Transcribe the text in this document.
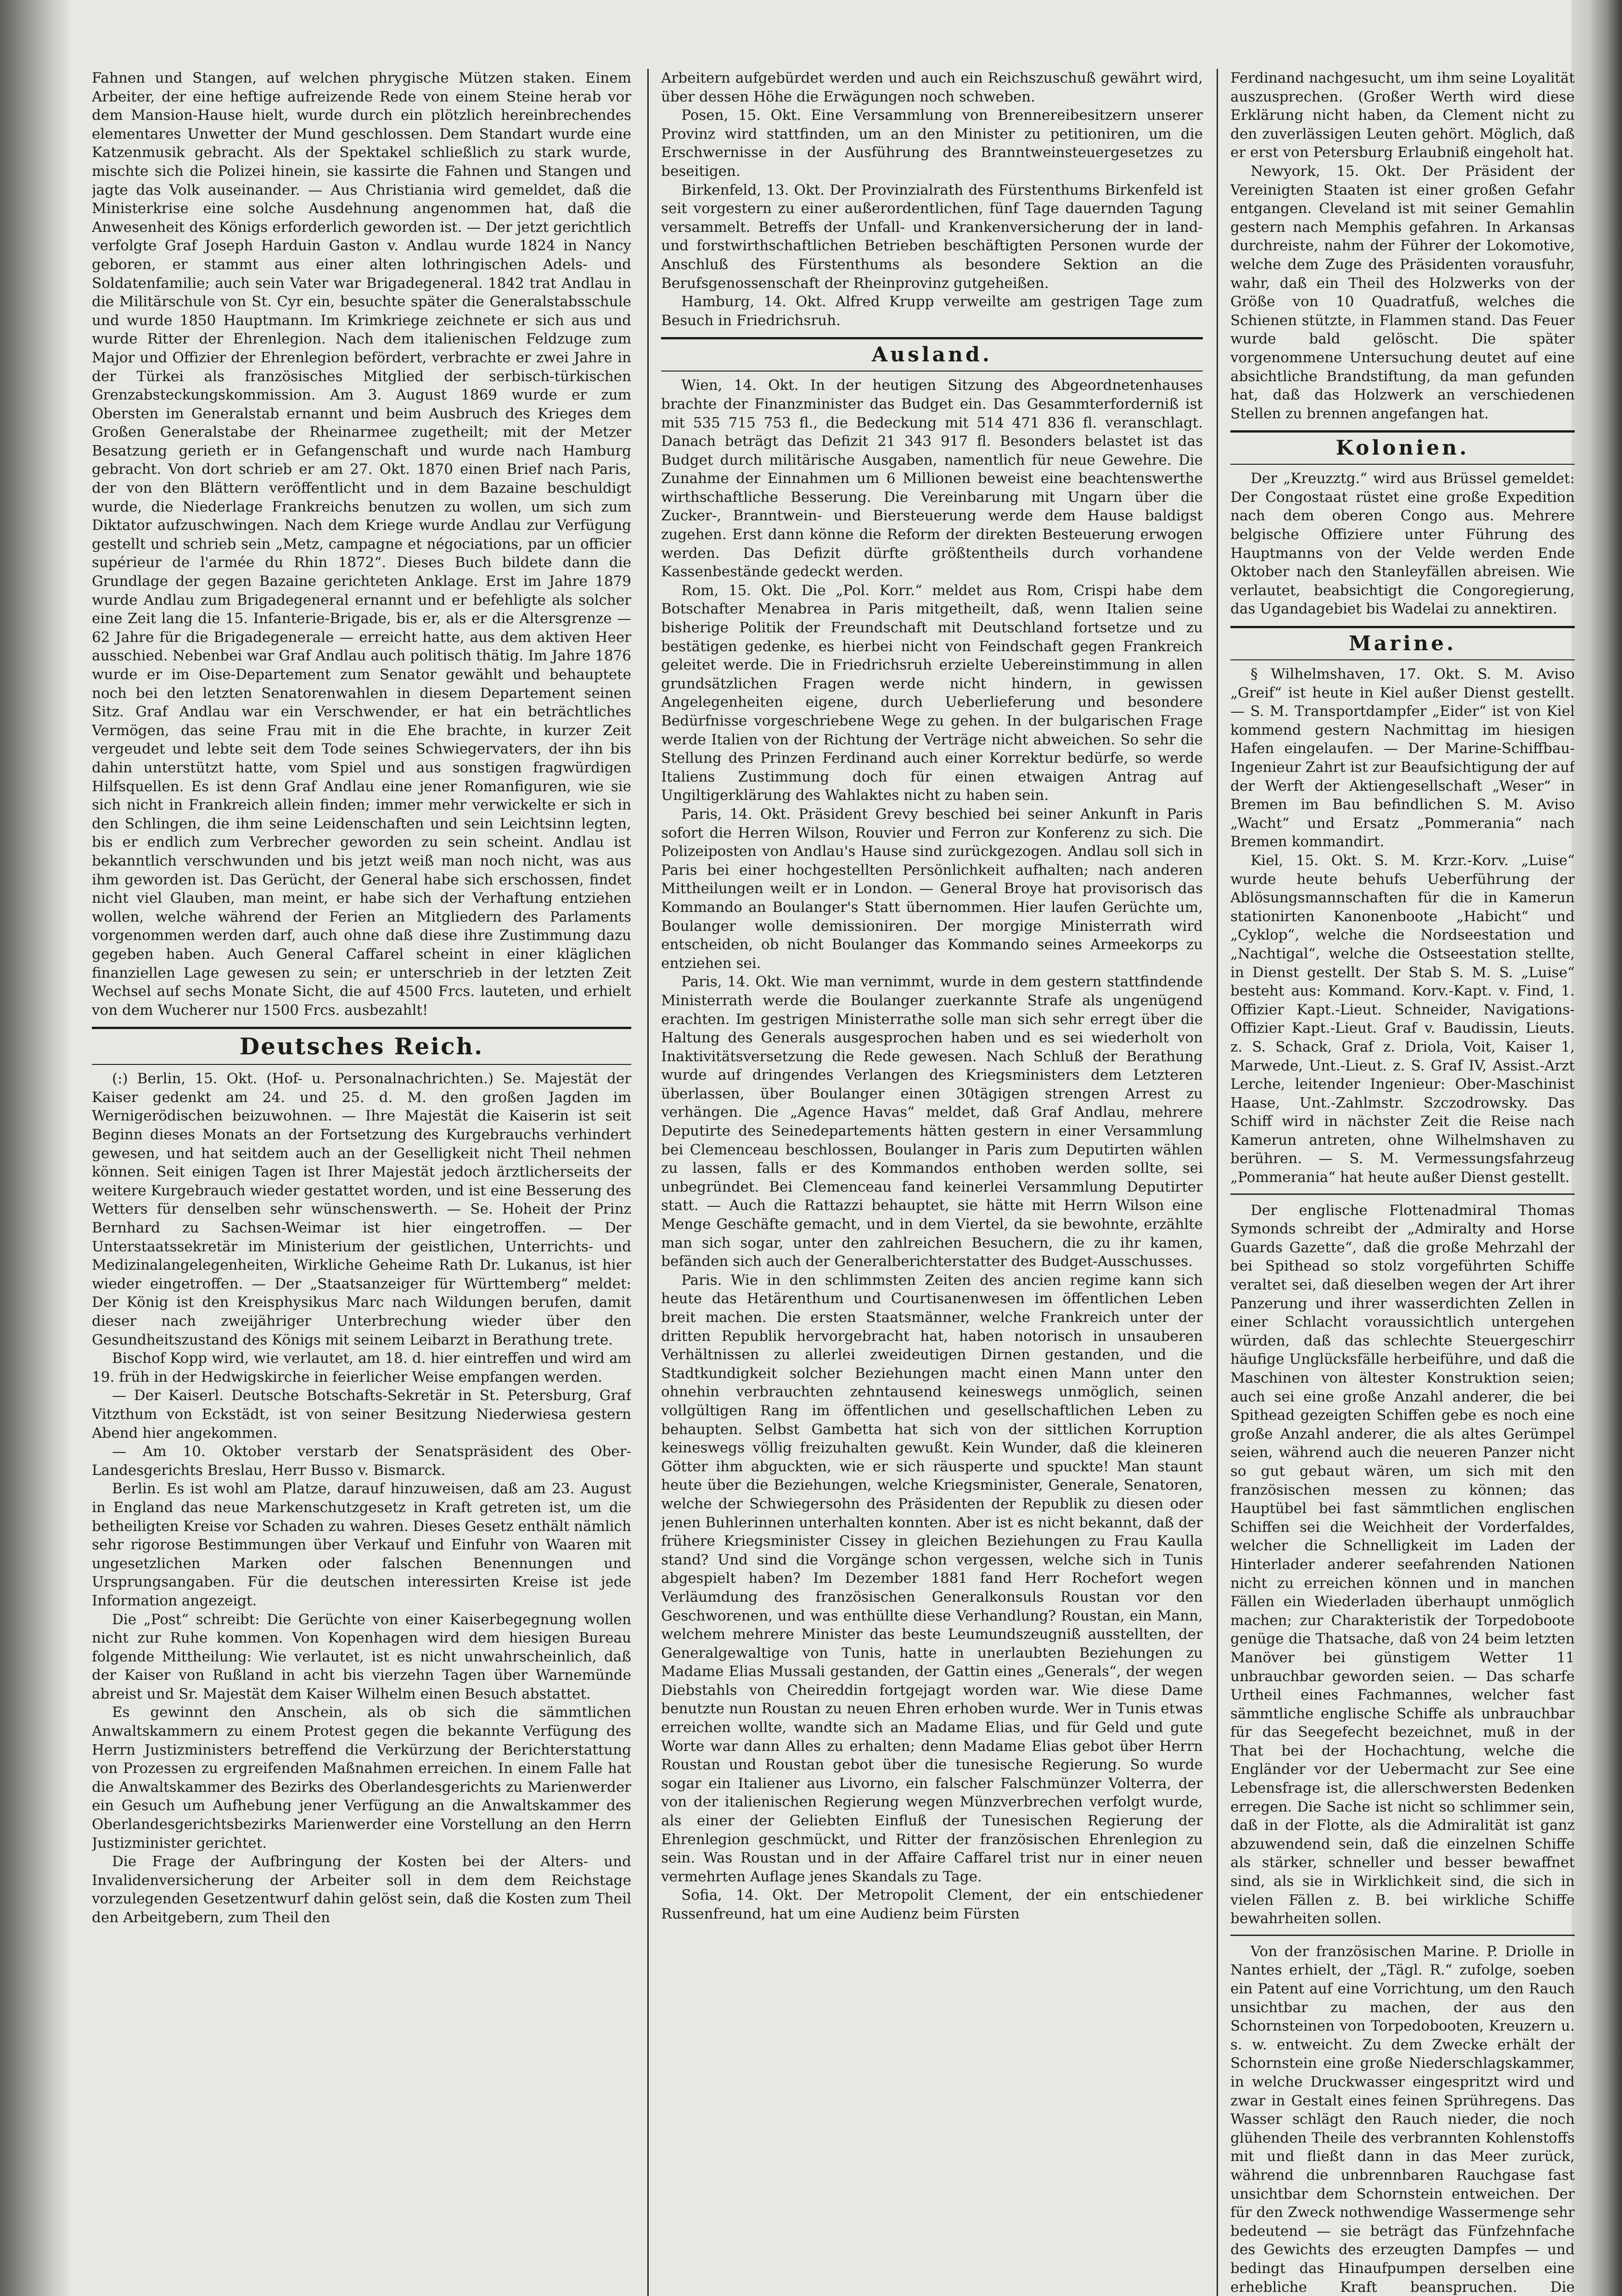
Fahnen und Stangen, auf welchen phrygische Mützen staken. Einem Arbeiter, der eine heftige aufreizende Rede von einem Steine herab vor dem Mansion-Hause hielt, wurde durch ein plötzlich hereinbrechendes elementares Unwetter der Mund geschlossen. Dem Standart wurde eine Katzenmusik gebracht. Als der Spektakel schließlich zu stark wurde, mischte sich die Polizei hinein, sie kassirte die Fahnen und Stangen und jagte das Volk auseinander. — Aus Christiania wird gemeldet, daß die Ministerkrise eine solche Ausdehnung angenommen hat, daß die Anwesenheit des Königs erforderlich geworden ist. — Der jetzt gerichtlich verfolgte Graf Joseph Harduin Gaston v. Andlau wurde 1824 in Nancy geboren, er stammt aus einer alten lothringischen Adels- und Soldatenfamilie; auch sein Vater war Brigadegeneral. 1842 trat Andlau in die Militärschule von St. Cyr ein, besuchte später die Generalstabsschule und wurde 1850 Hauptmann. Im Krimkriege zeichnete er sich aus und wurde Ritter der Ehrenlegion. Nach dem italienischen Feldzuge zum Major und Offizier der Ehrenlegion befördert, verbrachte er zwei Jahre in der Türkei als französisches Mitglied der serbisch-türkischen Grenzabsteckungskommission. Am 3. August 1869 wurde er zum Obersten im Generalstab ernannt und beim Ausbruch des Krieges dem Großen Generalstabe der Rheinarmee zugetheilt; mit der Metzer Besatzung gerieth er in Gefangenschaft und wurde nach Hamburg gebracht. Von dort schrieb er am 27. Okt. 1870 einen Brief nach Paris, der von den Blättern veröffentlicht und in dem Bazaine beschuldigt wurde, die Niederlage Frankreichs benutzen zu wollen, um sich zum Diktator aufzuschwingen. Nach dem Kriege wurde Andlau zur Verfügung gestellt und schrieb sein „Metz, campagne et négociations, par un officier supérieur de l'armée du Rhin 1872“. Dieses Buch bildete dann die Grundlage der gegen Bazaine gerichteten Anklage. Erst im Jahre 1879 wurde Andlau zum Brigadegeneral ernannt und er befehligte als solcher eine Zeit lang die 15. Infanterie-Brigade, bis er, als er die Altersgrenze — 62 Jahre für die Brigadegenerale — erreicht hatte, aus dem aktiven Heer ausschied. Nebenbei war Graf Andlau auch politisch thätig. Im Jahre 1876 wurde er im Oise-Departement zum Senator gewählt und behauptete noch bei den letzten Senatorenwahlen in diesem Departement seinen Sitz. Graf Andlau war ein Verschwender, er hat ein beträchtliches Vermögen, das seine Frau mit in die Ehe brachte, in kurzer Zeit vergeudet und lebte seit dem Tode seines Schwiegervaters, der ihn bis dahin unterstützt hatte, vom Spiel und aus sonstigen fragwürdigen Hilfsquellen. Es ist denn Graf Andlau eine jener Romanfiguren, wie sie sich nicht in Frankreich allein finden; immer mehr verwickelte er sich in den Schlingen, die ihm seine Leidenschaften und sein Leichtsinn legten, bis er endlich zum Verbrecher geworden zu sein scheint. Andlau ist bekanntlich verschwunden und bis jetzt weiß man noch nicht, was aus ihm geworden ist. Das Gerücht, der General habe sich erschossen, findet nicht viel Glauben, man meint, er habe sich der Verhaftung entziehen wollen, welche während der Ferien an Mitgliedern des Parlaments vorgenommen werden darf, auch ohne daß diese ihre Zustimmung dazu gegeben haben. Auch General Caffarel scheint in einer kläglichen finanziellen Lage gewesen zu sein; er unterschrieb in der letzten Zeit Wechsel auf sechs Monate Sicht, die auf 4500 Frcs. lauteten, und erhielt von dem Wucherer nur 1500 Frcs. ausbezahlt!

Deutsches Reich.

(:) Berlin, 15. Okt. (Hof- u. Personalnachrichten.) Se. Majestät der Kaiser gedenkt am 24. und 25. d. M. den großen Jagden im Wernigerödischen beizuwohnen. — Ihre Majestät die Kaiserin ist seit Beginn dieses Monats an der Fortsetzung des Kurgebrauchs verhindert gewesen, und hat seitdem auch an der Geselligkeit nicht Theil nehmen können. Seit einigen Tagen ist Ihrer Majestät jedoch ärztlicherseits der weitere Kurgebrauch wieder gestattet worden, und ist eine Besserung des Wetters für denselben sehr wünschenswerth. — Se. Hoheit der Prinz Bernhard zu Sachsen-Weimar ist hier eingetroffen. — Der Unterstaatssekretär im Ministerium der geistlichen, Unterrichts- und Medizinalangelegenheiten, Wirkliche Geheime Rath Dr. Lukanus, ist hier wieder eingetroffen. — Der „Staatsanzeiger für Württemberg“ meldet: Der König ist den Kreisphysikus Marc nach Wildungen berufen, damit dieser nach zweijähriger Unterbrechung wieder über den Gesundheitszustand des Königs mit seinem Leibarzt in Berathung trete.

Bischof Kopp wird, wie verlautet, am 18. d. hier eintreffen und wird am 19. früh in der Hedwigskirche in feierlicher Weise empfangen werden.

— Der Kaiserl. Deutsche Botschafts-Sekretär in St. Petersburg, Graf Vitzthum von Eckstädt, ist von seiner Besitzung Niederwiesa gestern Abend hier angekommen.

— Am 10. Oktober verstarb der Senatspräsident des Ober-Landesgerichts Breslau, Herr Busso v. Bismarck.

Berlin. Es ist wohl am Platze, darauf hinzuweisen, daß am 23. August in England das neue Markenschutzgesetz in Kraft getreten ist, um die betheiligten Kreise vor Schaden zu wahren. Dieses Gesetz enthält nämlich sehr rigorose Bestimmungen über Verkauf und Einfuhr von Waaren mit ungesetzlichen Marken oder falschen Benennungen und Ursprungsangaben. Für die deutschen interessirten Kreise ist jede Information angezeigt.

Die „Post“ schreibt: Die Gerüchte von einer Kaiserbegegnung wollen nicht zur Ruhe kommen. Von Kopenhagen wird dem hiesigen Bureau folgende Mittheilung: Wie verlautet, ist es nicht unwahrscheinlich, daß der Kaiser von Rußland in acht bis vierzehn Tagen über Warnemünde abreist und Sr. Majestät dem Kaiser Wilhelm einen Besuch abstattet.

Es gewinnt den Anschein, als ob sich die sämmtlichen Anwaltskammern zu einem Protest gegen die bekannte Verfügung des Herrn Justizministers betreffend die Verkürzung der Berichterstattung von Prozessen zu ergreifenden Maßnahmen erreichen. In einem Falle hat die Anwaltskammer des Bezirks des Oberlandesgerichts zu Marienwerder ein Gesuch um Aufhebung jener Verfügung an die Anwaltskammer des Oberlandesgerichtsbezirks Marienwerder eine Vorstellung an den Herrn Justizminister gerichtet.

Die Frage der Aufbringung der Kosten bei der Alters- und Invalidenversicherung der Arbeiter soll in dem dem Reichstage vorzulegenden Gesetzentwurf dahin gelöst sein, daß die Kosten zum Theil den Arbeitgebern, zum Theil den

Arbeitern aufgebürdet werden und auch ein Reichszuschuß gewährt wird, über dessen Höhe die Erwägungen noch schweben.

Posen, 15. Okt. Eine Versammlung von Brennereibesitzern unserer Provinz wird stattfinden, um an den Minister zu petitioniren, um die Erschwernisse in der Ausführung des Branntweinsteuergesetzes zu beseitigen.

Birkenfeld, 13. Okt. Der Provinzialrath des Fürstenthums Birkenfeld ist seit vorgestern zu einer außerordentlichen, fünf Tage dauernden Tagung versammelt. Betreffs der Unfall- und Krankenversicherung der in land- und forstwirthschaftlichen Betrieben beschäftigten Personen wurde der Anschluß des Fürstenthums als besondere Sektion an die Berufsgenossenschaft der Rheinprovinz gutgeheißen.

Hamburg, 14. Okt. Alfred Krupp verweilte am gestrigen Tage zum Besuch in Friedrichsruh.

Ausland.

Wien, 14. Okt. In der heutigen Sitzung des Abgeordnetenhauses brachte der Finanzminister das Budget ein. Das Gesammterforderniß ist mit 535 715 753 fl., die Bedeckung mit 514 471 836 fl. veranschlagt. Danach beträgt das Defizit 21 343 917 fl. Besonders belastet ist das Budget durch militärische Ausgaben, namentlich für neue Gewehre. Die Zunahme der Einnahmen um 6 Millionen beweist eine beachtenswerthe wirthschaftliche Besserung. Die Vereinbarung mit Ungarn über die Zucker-, Branntwein- und Biersteuerung werde dem Hause baldigst zugehen. Erst dann könne die Reform der direkten Besteuerung erwogen werden. Das Defizit dürfte größtentheils durch vorhandene Kassenbestände gedeckt werden.

Rom, 15. Okt. Die „Pol. Korr.“ meldet aus Rom, Crispi habe dem Botschafter Menabrea in Paris mitgetheilt, daß, wenn Italien seine bisherige Politik der Freundschaft mit Deutschland fortsetze und zu bestätigen gedenke, es hierbei nicht von Feindschaft gegen Frankreich geleitet werde. Die in Friedrichsruh erzielte Uebereinstimmung in allen grundsätzlichen Fragen werde nicht hindern, in gewissen Angelegenheiten eigene, durch Ueberlieferung und besondere Bedürfnisse vorgeschriebene Wege zu gehen. In der bulgarischen Frage werde Italien von der Richtung der Verträge nicht abweichen. So sehr die Stellung des Prinzen Ferdinand auch einer Korrektur bedürfe, so werde Italiens Zustimmung doch für einen etwaigen Antrag auf Ungiltigerklärung des Wahlaktes nicht zu haben sein.

Paris, 14. Okt. Präsident Grevy beschied bei seiner Ankunft in Paris sofort die Herren Wilson, Rouvier und Ferron zur Konferenz zu sich. Die Polizeiposten von Andlau's Hause sind zurückgezogen. Andlau soll sich in Paris bei einer hochgestellten Persönlichkeit aufhalten; nach anderen Mittheilungen weilt er in London. — General Broye hat provisorisch das Kommando an Boulanger's Statt übernommen. Hier laufen Gerüchte um, Boulanger wolle demissioniren. Der morgige Ministerrath wird entscheiden, ob nicht Boulanger das Kommando seines Armeekorps zu entziehen sei.

Paris, 14. Okt. Wie man vernimmt, wurde in dem gestern stattfindende Ministerrath werde die Boulanger zuerkannte Strafe als ungenügend erachten. Im gestrigen Ministerrathe solle man sich sehr erregt über die Haltung des Generals ausgesprochen haben und es sei wiederholt von Inaktivitätsversetzung die Rede gewesen. Nach Schluß der Berathung wurde auf dringendes Verlangen des Kriegsministers dem Letzteren überlassen, über Boulanger einen 30tägigen strengen Arrest zu verhängen. Die „Agence Havas“ meldet, daß Graf Andlau, mehrere Deputirte des Seinedepartements hätten gestern in einer Versammlung bei Clemenceau beschlossen, Boulanger in Paris zum Deputirten wählen zu lassen, falls er des Kommandos enthoben werden sollte, sei unbegründet. Bei Clemenceau fand keinerlei Versammlung Deputirter statt. — Auch die Rattazzi behauptet, sie hätte mit Herrn Wilson eine Menge Geschäfte gemacht, und in dem Viertel, da sie bewohnte, erzählte man sich sogar, unter den zahlreichen Besuchern, die zu ihr kamen, befänden sich auch der Generalberichterstatter des Budget-Ausschusses.

Paris. Wie in den schlimmsten Zeiten des ancien regime kann sich heute das Hetärenthum und Courtisanenwesen im öffentlichen Leben breit machen. Die ersten Staatsmänner, welche Frankreich unter der dritten Republik hervorgebracht hat, haben notorisch in unsauberen Verhältnissen zu allerlei zweideutigen Dirnen gestanden, und die Stadtkundigkeit solcher Beziehungen macht einen Mann unter den ohnehin verbrauchten zehntausend keineswegs unmöglich, seinen vollgültigen Rang im öffentlichen und gesellschaftlichen Leben zu behaupten. Selbst Gambetta hat sich von der sittlichen Korruption keineswegs völlig freizuhalten gewußt. Kein Wunder, daß die kleineren Götter ihm abguckten, wie er sich räusperte und spuckte! Man staunt heute über die Beziehungen, welche Kriegsminister, Generale, Senatoren, welche der Schwiegersohn des Präsidenten der Republik zu diesen oder jenen Buhlerinnen unterhalten konnten. Aber ist es nicht bekannt, daß der frühere Kriegsminister Cissey in gleichen Beziehungen zu Frau Kaulla stand? Und sind die Vorgänge schon vergessen, welche sich in Tunis abgespielt haben? Im Dezember 1881 fand Herr Rochefort wegen Verläumdung des französischen Generalkonsuls Roustan vor den Geschworenen, und was enthüllte diese Verhandlung? Roustan, ein Mann, welchem mehrere Minister das beste Leumundszeugniß ausstellten, der Generalgewaltige von Tunis, hatte in unerlaubten Beziehungen zu Madame Elias Mussali gestanden, der Gattin eines „Generals“, der wegen Diebstahls von Cheireddin fortgejagt worden war. Wie diese Dame benutzte nun Roustan zu neuen Ehren erhoben wurde. Wer in Tunis etwas erreichen wollte, wandte sich an Madame Elias, und für Geld und gute Worte war dann Alles zu erhalten; denn Madame Elias gebot über Herrn Roustan und Roustan gebot über die tunesische Regierung. So wurde sogar ein Italiener aus Livorno, ein falscher Falschmünzer Volterra, der von der italienischen Regierung wegen Münzverbrechen verfolgt wurde, als einer der Geliebten Einfluß der Tunesischen Regierung der Ehrenlegion geschmückt, und Ritter der französischen Ehrenlegion zu sein. Was Roustan und in der Affaire Caffarel trist nur in einer neuen vermehrten Auflage jenes Skandals zu Tage.

Sofia, 14. Okt. Der Metropolit Clement, der ein entschiedener Russenfreund, hat um eine Audienz beim Fürsten

Ferdinand nachgesucht, um ihm seine Loyalität auszusprechen. (Großer Werth wird diese Erklärung nicht haben, da Clement nicht zu den zuverlässigen Leuten gehört. Möglich, daß er erst von Petersburg Erlaubniß eingeholt hat.

Newyork, 15. Okt. Der Präsident der Vereinigten Staaten ist einer großen Gefahr entgangen. Cleveland ist mit seiner Gemahlin gestern nach Memphis gefahren. In Arkansas durchreiste, nahm der Führer der Lokomotive, welche dem Zuge des Präsidenten vorausfuhr, wahr, daß ein Theil des Holzwerks von der Größe von 10 Quadratfuß, welches die Schienen stützte, in Flammen stand. Das Feuer wurde bald gelöscht. Die später vorgenommene Untersuchung deutet auf eine absichtliche Brandstiftung, da man gefunden hat, daß das Holzwerk an verschiedenen Stellen zu brennen angefangen hat.

Kolonien.

Der „Kreuzztg.“ wird aus Brüssel gemeldet: Der Congostaat rüstet eine große Expedition nach dem oberen Congo aus. Mehrere belgische Offiziere unter Führung des Hauptmanns von der Velde werden Ende Oktober nach den Stanleyfällen abreisen. Wie verlautet, beabsichtigt die Congoregierung, das Ugandagebiet bis Wadelai zu annektiren.

Marine.

§ Wilhelmshaven, 17. Okt. S. M. Aviso „Greif“ ist heute in Kiel außer Dienst gestellt. — S. M. Transportdampfer „Eider“ ist von Kiel kommend gestern Nachmittag im hiesigen Hafen eingelaufen. — Der Marine-Schiffbau-Ingenieur Zahrt ist zur Beaufsichtigung der auf der Werft der Aktiengesellschaft „Weser“ in Bremen im Bau befindlichen S. M. Aviso „Wacht“ und Ersatz „Pommerania“ nach Bremen kommandirt.

Kiel, 15. Okt. S. M. Krzr.-Korv. „Luise“ wurde heute behufs Ueberführung der Ablösungsmannschaften für die in Kamerun stationirten Kanonenboote „Habicht“ und „Cyklop“, welche die Nordseestation und „Nachtigal“, welche die Ostseestation stellte, in Dienst gestellt. Der Stab S. M. S. „Luise“ besteht aus: Kommand. Korv.-Kapt. v. Find, 1. Offizier Kapt.-Lieut. Schneider, Navigations-Offizier Kapt.-Lieut. Graf v. Baudissin, Lieuts. z. S. Schack, Graf z. Driola, Voit, Kaiser 1, Marwede, Unt.-Lieut. z. S. Graf IV, Assist.-Arzt Lerche, leitender Ingenieur: Ober-Maschinist Haase, Unt.-Zahlmstr. Szczodrowsky. Das Schiff wird in nächster Zeit die Reise nach Kamerun antreten, ohne Wilhelmshaven zu berühren. — S. M. Vermessungsfahrzeug „Pommerania“ hat heute außer Dienst gestellt.

Der englische Flottenadmiral Thomas Symonds schreibt der „Admiralty and Horse Guards Gazette“, daß die große Mehrzahl der bei Spithead so stolz vorgeführten Schiffe veraltet sei, daß dieselben wegen der Art ihrer Panzerung und ihrer wasserdichten Zellen in einer Schlacht voraussichtlich untergehen würden, daß das schlechte Steuergeschirr häufige Unglücksfälle herbeiführe, und daß die Maschinen von ältester Konstruktion seien; auch sei eine große Anzahl anderer, die bei Spithead gezeigten Schiffen gebe es noch eine große Anzahl anderer, die als altes Gerümpel seien, während auch die neueren Panzer nicht so gut gebaut wären, um sich mit den französischen messen zu können; das Hauptübel bei fast sämmtlichen englischen Schiffen sei die Weichheit der Vorderfaldes, welcher die Schnelligkeit im Laden der Hinterlader anderer seefahrenden Nationen nicht zu erreichen können und in manchen Fällen ein Wiederladen überhaupt unmöglich machen; zur Charakteristik der Torpedoboote genüge die Thatsache, daß von 24 beim letzten Manöver bei günstigem Wetter 11 unbrauchbar geworden seien. — Das scharfe Urtheil eines Fachmannes, welcher fast sämmtliche englische Schiffe als unbrauchbar für das Seegefecht bezeichnet, muß in der That bei der Hochachtung, welche die Engländer vor der Uebermacht zur See eine Lebensfrage ist, die allerschwersten Bedenken erregen. Die Sache ist nicht so schlimmer sein, daß in der Flotte, als die Admiralität ist ganz abzuwendend sein, daß die einzelnen Schiffe als stärker, schneller und besser bewaffnet sind, als sie in Wirklichkeit sind, die sich in vielen Fällen z. B. bei wirkliche Schiffe bewahrheiten sollen.

Von der französischen Marine. P. Driolle in Nantes erhielt, der „Tägl. R.“ zufolge, soeben ein Patent auf eine Vorrichtung, um den Rauch unsichtbar zu machen, der aus den Schornsteinen von Torpedobooten, Kreuzern u. s. w. entweicht. Zu dem Zwecke erhält der Schornstein eine große Niederschlagskammer, in welche Druckwasser eingespritzt wird und zwar in Gestalt eines feinen Sprühregens. Das Wasser schlägt den Rauch nieder, die noch glühenden Theile des verbrannten Kohlenstoffs mit und fließt dann in das Meer zurück, während die unbrennbaren Rauchgase fast unsichtbar dem Schornstein entweichen. Der für den Zweck nothwendige Wassermenge sehr bedeutend — sie beträgt das Fünfzehnfache des Gewichts des erzeugten Dampfes — und bedingt das Hinaufpumpen derselben eine erhebliche Kraft beanspruchen. Die
